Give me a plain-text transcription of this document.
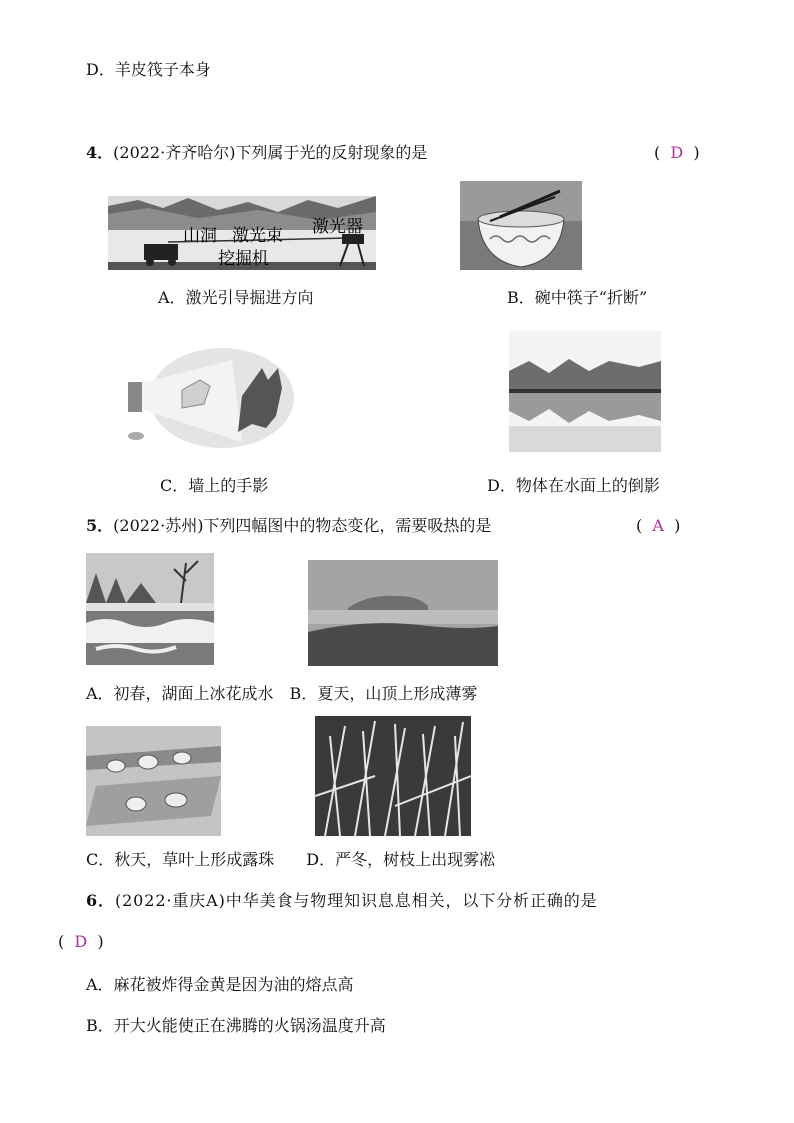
D．羊皮筏子本身
4．(2022·齐齐哈尔)下列属于光的反射现象的是	( D )
山洞 激光束 激光器
挖掘机
A．激光引导掘进方向	B．碗中筷子“折断”
C．墙上的手影	D．物体在水面上的倒影
5．(2022·苏州)下列四幅图中的物态变化，需要吸热的是	( A )
A．初春，湖面上冰花成水　B．夏天，山顶上形成薄雾
C．秋天，草叶上形成露珠　　D．严冬，树枝上出现雾凇
6．(2022·重庆A)中华美食与物理知识息息相关，以下分析正确的是
( D )
A．麻花被炸得金黄是因为油的熔点高
B．开大火能使正在沸腾的火锅汤温度升高
